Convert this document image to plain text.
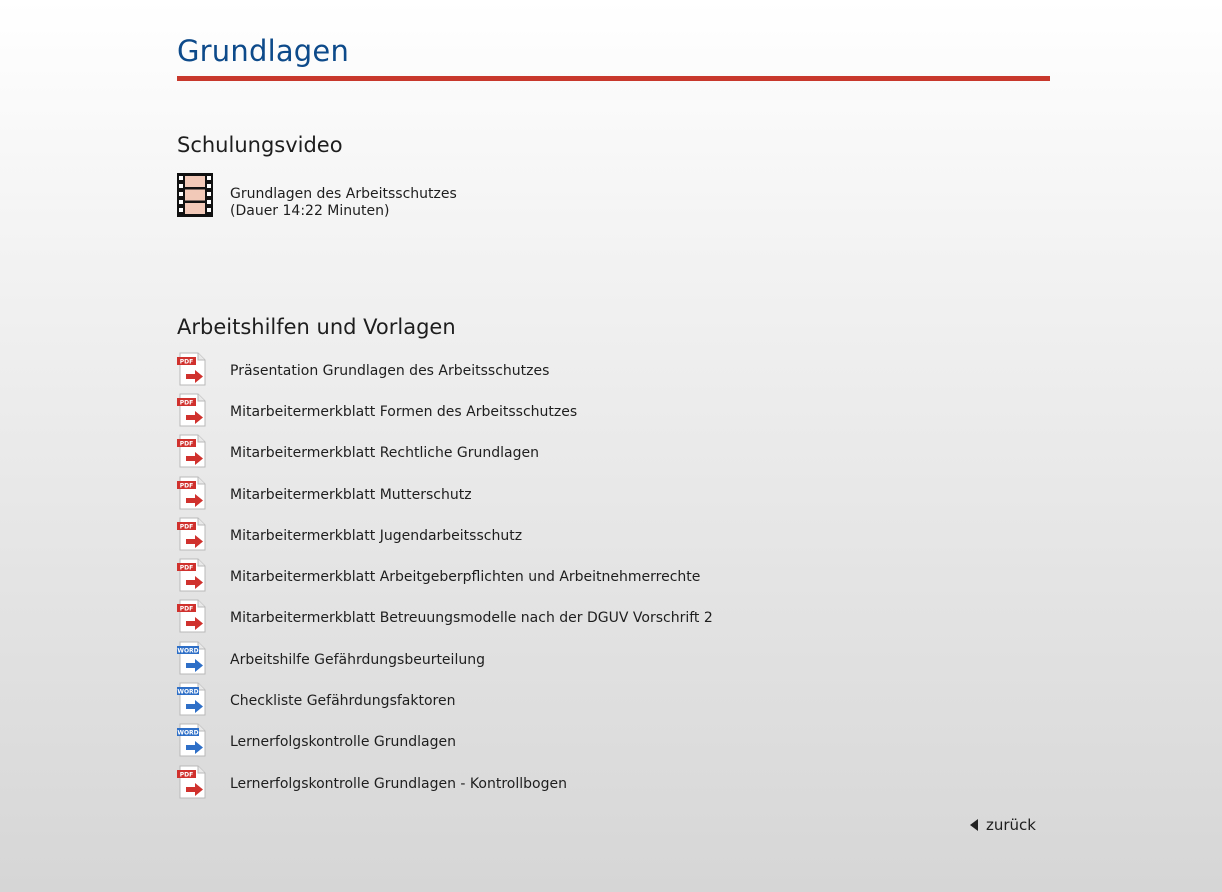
Grundlagen
Schulungsvideo
Grundlagen des Arbeitsschutzes
(Dauer 14:22 Minuten)
Arbeitshilfen und Vorlagen
PDF
Präsentation Grundlagen des Arbeitsschutzes
PDF
Mitarbeitermerkblatt Formen des Arbeitsschutzes
PDF
Mitarbeitermerkblatt Rechtliche Grundlagen
PDF
Mitarbeitermerkblatt Mutterschutz
PDF
Mitarbeitermerkblatt Jugendarbeitsschutz
PDF
Mitarbeitermerkblatt Arbeitgeberpflichten und Arbeitnehmerrechte
PDF
Mitarbeitermerkblatt Betreuungsmodelle nach der DGUV Vorschrift 2
WORD
Arbeitshilfe Gefährdungsbeurteilung
WORD
Checkliste Gefährdungsfaktoren
WORD
Lernerfolgskontrolle Grundlagen
PDF
Lernerfolgskontrolle Grundlagen - Kontrollbogen
zurück
